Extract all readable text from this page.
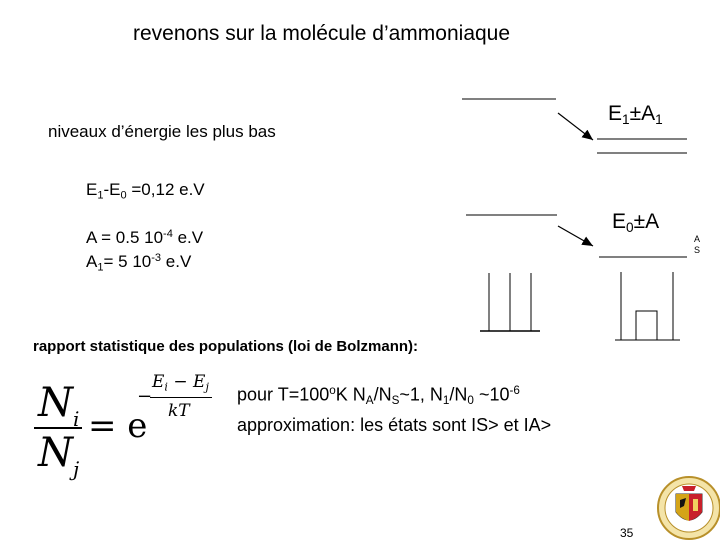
revenons sur la molécule d’ammoniaque
niveaux d’énergie les plus bas
$E_1-E_0 =0,12$ e.V
A = 0.5 $10^{-4}$ e.V
$A_1= 5$ $10^{-3}$ e.V
$E_1\pm A_1$
$E_0\pm A$
A
S
rapport statistique des populations (loi de Bolzmann):
$N_i$
$N_j$
= e
−
$E_i - E_j$
kT
pour $T=100^oK$ $N_A/N_S\sim 1$, $N_1/N_0$ $\sim 10^{-6}$
approximation: les états sont IS> et IA>
35
